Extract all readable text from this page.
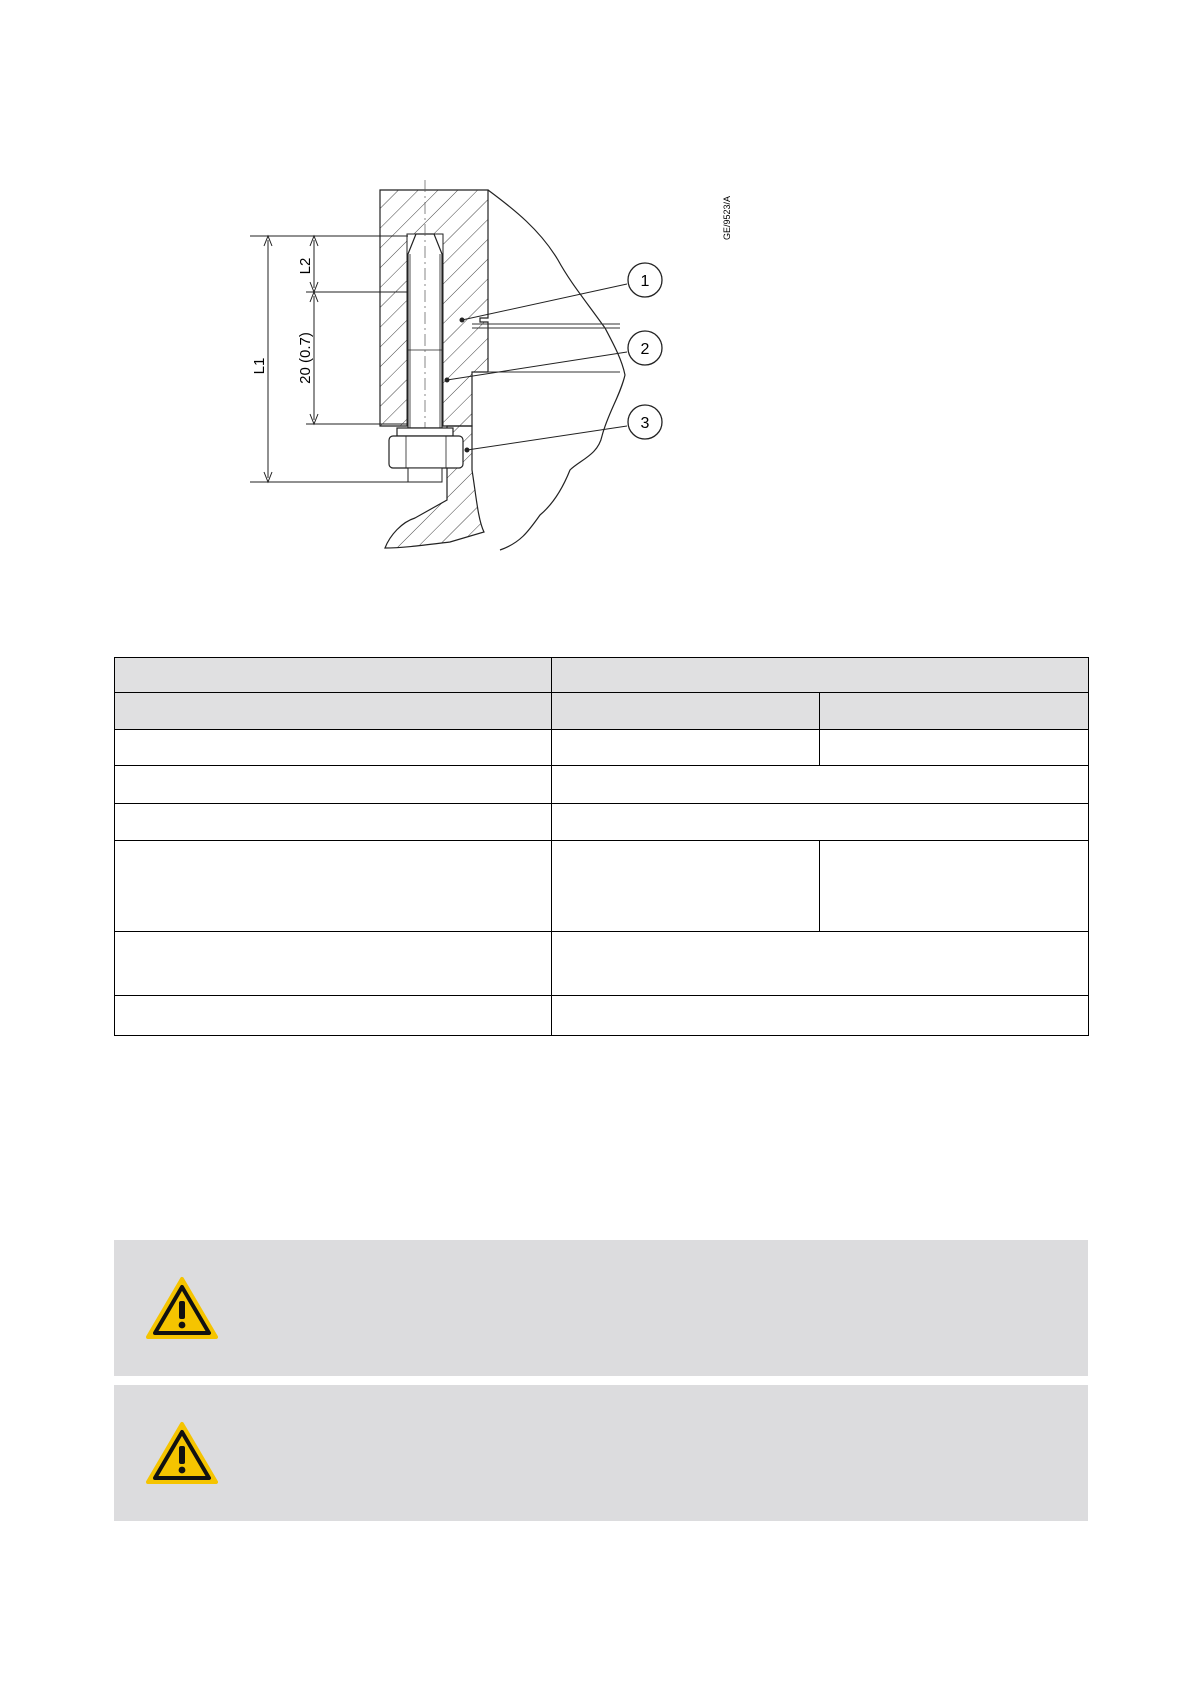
L1
L2
20 (0.7)
GE/9523/A
1
2
3
